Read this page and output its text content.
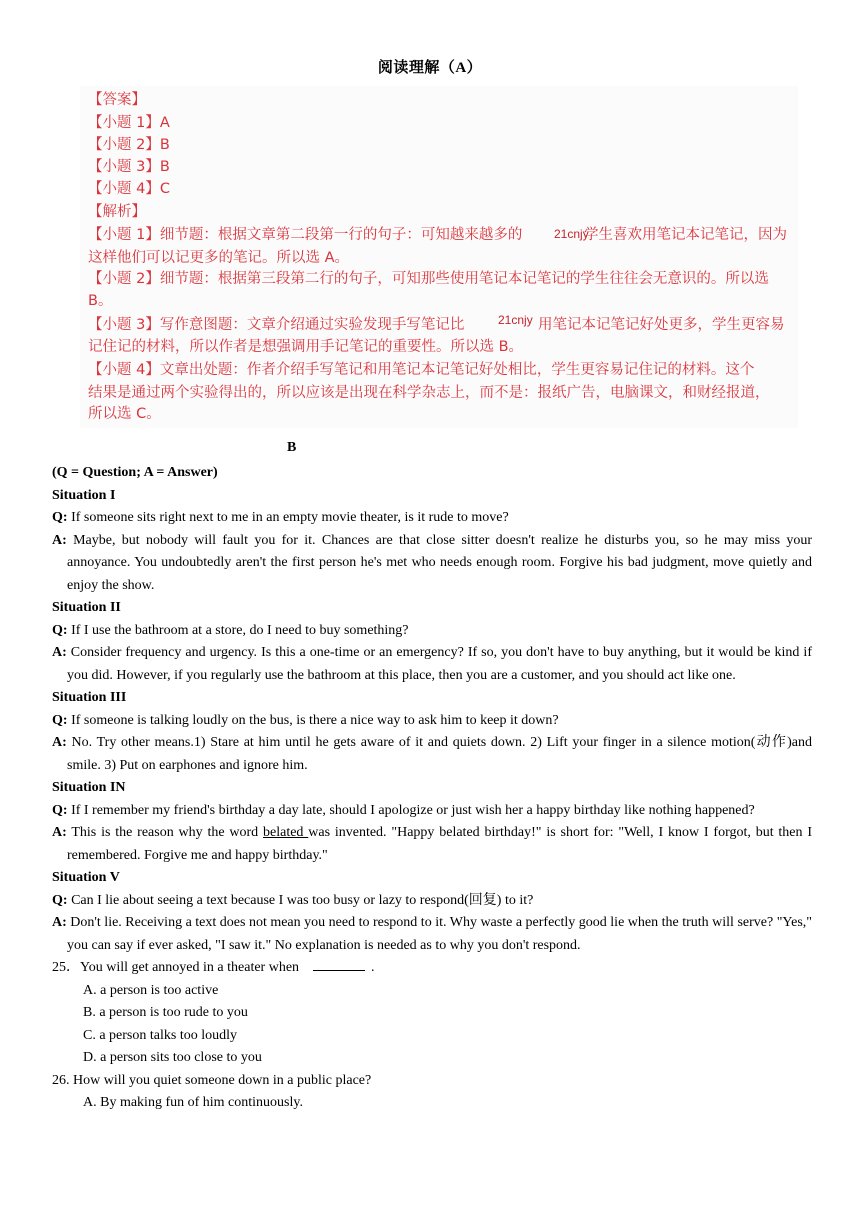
阅读理解（A）
【答案】
【小题 1】A
【小题 2】B
【小题 3】B
【小题 4】C
【解析】
【小题 1】细节题：根据文章第二段第一行的句子：可知越来越多的	21cnjy
学生喜欢用笔记本记笔记，因为
这样他们可以记更多的笔记。所以选 A。
【小题 2】细节题：根据第三段第二行的句子，可知那些使用笔记本记笔记的学生往往会无意识的。所以选
B。
【小题 3】写作意图题：文章介绍通过实验发现手写笔记比	21cnjy 用笔记本记笔记好处更多，学生更容易
记住记的材料，所以作者是想强调用手记笔记的重要性。所以选 B。
【小题 4】文章出处题：作者介绍手写笔记和用笔记本记笔记好处相比，学生更容易记住记的材料。这个
结果是通过两个实验得出的，所以应该是出现在科学杂志上，而不是：报纸广告，电脑课文，和财经报道，
所以选 C。
B

(Q = Question; A = Answer)

Situation I

Q: If someone sits right next to me in an empty movie theater, is it rude to move?

A: Maybe, but nobody will fault you for it. Chances are that close sitter doesn't realize he disturbs you, so he may miss your annoyance. You undoubtedly aren't the first person he's met who needs enough room. Forgive his bad judgment, move quietly and enjoy the show.

Situation II

Q: If I use the bathroom at a store, do I need to buy something?

A: Consider frequency and urgency. Is this a one-time or an emergency? If so, you don't have to buy anything, but it would be kind if you did. However, if you regularly use the bathroom at this place, then you are a customer, and you should act like one.

Situation III

Q: If someone is talking loudly on the bus, is there a nice way to ask him to keep it down?

A: No. Try other means.1) Stare at him until he gets aware of it and quiets down. 2) Lift your finger in a silence motion(动作)and smile. 3) Put on earphones and ignore him.

Situation IN

Q: If I remember my friend's birthday a day late, should I apologize or just wish her a happy birthday like nothing happened?

A: This is the reason why the word belated was invented. "Happy belated birthday!" is short for: "Well, I know I forgot, but then I remembered. Forgive me and happy birthday."

Situation V

Q: Can I lie about seeing a text because I was too busy or lazy to respond(回复) to it?

A: Don't lie. Receiving a text does not mean you need to respond to it. Why waste a perfectly good lie when the truth will serve? "Yes," you can say if ever asked, "I saw it." No explanation is needed as to why you don't respond.

25．You will get annoyed in a theater when	.

A. a person is too active

B. a person is too rude to you

C. a person talks too loudly

D. a person sits too close to you

26. How will you quiet someone down in a public place?

A. By making fun of him continuously.
